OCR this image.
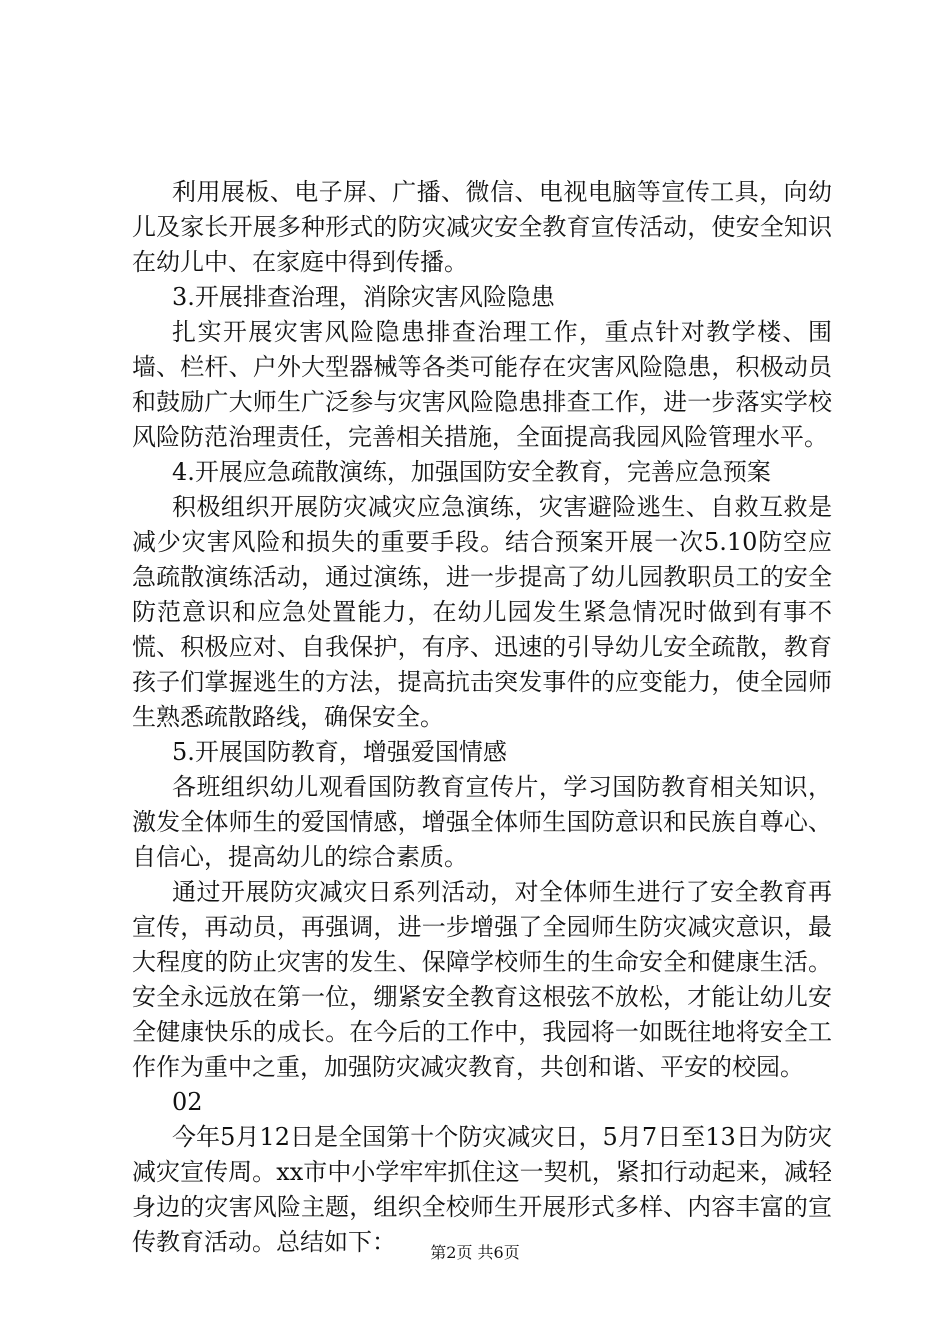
利用展板、电子屏、广播、微信、电视电脑等宣传工具，向幼儿及家长开展多种形式的防灾减灾安全教育宣传活动，使安全知识在幼儿中、在家庭中得到传播。

3.开展排查治理，消除灾害风险隐患

扎实开展灾害风险隐患排查治理工作，重点针对教学楼、围墙、栏杆、户外大型器械等各类可能存在灾害风险隐患，积极动员和鼓励广大师生广泛参与灾害风险隐患排查工作，进一步落实学校风险防范治理责任，完善相关措施，全面提高我园风险管理水平。

4.开展应急疏散演练，加强国防安全教育，完善应急预案

积极组织开展防灾减灾应急演练，灾害避险逃生、自救互救是减少灾害风险和损失的重要手段。结合预案开展一次5.10防空应急疏散演练活动，通过演练，进一步提高了幼儿园教职员工的安全防范意识和应急处置能力，在幼儿园发生紧急情况时做到有事不慌、积极应对、自我保护，有序、迅速的引导幼儿安全疏散，教育孩子们掌握逃生的方法，提高抗击突发事件的应变能力，使全园师生熟悉疏散路线，确保安全。

5.开展国防教育，增强爱国情感

各班组织幼儿观看国防教育宣传片，学习国防教育相关知识，激发全体师生的爱国情感，增强全体师生国防意识和民族自尊心、自信心，提高幼儿的综合素质。

通过开展防灾减灾日系列活动，对全体师生进行了安全教育再宣传，再动员，再强调，进一步增强了全园师生防灾减灾意识，最大程度的防止灾害的发生、保障学校师生的生命安全和健康生活。安全永远放在第一位，绷紧安全教育这根弦不放松，才能让幼儿安全健康快乐的成长。在今后的工作中，我园将一如既往地将安全工作作为重中之重，加强防灾减灾教育，共创和谐、平安的校园。

02

今年5月12日是全国第十个防灾减灾日，5月7日至13日为防灾减灾宣传周。xx市中小学牢牢抓住这一契机，紧扣行动起来，减轻身边的灾害风险主题，组织全校师生开展形式多样、内容丰富的宣传教育活动。总结如下：	第2页 共6页
